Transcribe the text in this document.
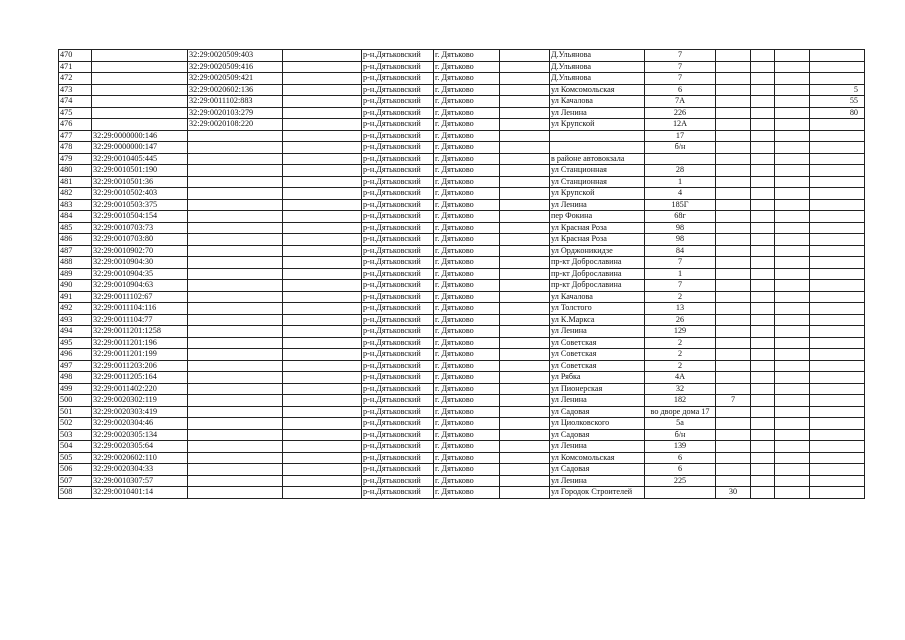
470		32:29:0020509:403		р-н.Дятьковский	г. Дятьково		Д.Ульянова	7				
471		32:29:0020509:416		р-н.Дятьковский	г. Дятьково		Д.Ульянова	7				
472		32:29:0020509:421		р-н.Дятьковский	г. Дятьково		Д.Ульянова	7				
473		32:29:0020602:136		р-н.Дятьковский	г. Дятьково		ул Комсомольская	6				5
474		32:29:0011102:883		р-н.Дятьковский	г. Дятьково		ул Качалова	7А				55
475		32:29:0020103:279		р-н.Дятьковский	г. Дятьково		ул Ленина	226				80
476		32:29:0020108:220		р-н.Дятьковский	г. Дятьково		ул Крупской	12А				
477	32:29:0000000:146			р-н.Дятьковский	г. Дятьково			17				
478	32:29:0000000:147			р-н.Дятьковский	г. Дятьково			б/н				
479	32:29:0010405:445			р-н.Дятьковский	г. Дятьково		в районе автовокзала					
480	32:29:0010501:190			р-н.Дятьковский	г. Дятьково		ул Станционная	28				
481	32:29:0010501:36			р-н.Дятьковский	г. Дятьково		ул Станционная	1				
482	32:29:0010502:403			р-н.Дятьковский	г. Дятьково		ул Крупской	4				
483	32:29:0010503:375			р-н.Дятьковский	г. Дятьково		ул Ленина	185Г				
484	32:29:0010504:154			р-н.Дятьковский	г. Дятьково		пер Фокина	68г				
485	32:29:0010703:73			р-н.Дятьковский	г. Дятьково		ул Красная Роза	98				
486	32:29:0010703:80			р-н.Дятьковский	г. Дятьково		ул Красная Роза	98				
487	32:29:0010902:70			р-н.Дятьковский	г. Дятьково		ул Орджоникидзе	84				
488	32:29:0010904:30			р-н.Дятьковский	г. Дятьково		пр-кт Доброславина	7				
489	32:29:0010904:35			р-н.Дятьковский	г. Дятьково		пр-кт Доброславина	1				
490	32:29:0010904:63			р-н.Дятьковский	г. Дятьково		пр-кт Доброславина	7				
491	32:29:0011102:67			р-н.Дятьковский	г. Дятьково		ул Качалова	2				
492	32:29:0011104:116			р-н.Дятьковский	г. Дятьково		ул Толстого	13				
493	32:29:0011104:77			р-н.Дятьковский	г. Дятьково		ул К.Маркса	26				
494	32:29:0011201:1258			р-н.Дятьковский	г. Дятьково		ул Ленина	129				
495	32:29:0011201:196			р-н.Дятьковский	г. Дятьково		ул Советская	2				
496	32:29:0011201:199			р-н.Дятьковский	г. Дятьково		ул Советская	2				
497	32:29:0011203:206			р-н.Дятьковский	г. Дятьково		ул Советская	2				
498	32:29:0011205:164			р-н.Дятьковский	г. Дятьково		ул Рябка	4А				
499	32:29:0011402:220			р-н.Дятьковский	г. Дятьково		ул Пионерская	32				
500	32:29:0020302:119			р-н.Дятьковский	г. Дятьково		ул Ленина	182	7			
501	32:29:0020303:419			р-н.Дятьковский	г. Дятьково		ул Садовая	во дворе дома 17				
502	32:29:0020304:46			р-н.Дятьковский	г. Дятьково		ул Циолковского	5а				
503	32:29:0020305:134			р-н.Дятьковский	г. Дятьково		ул Садовая	б/н				
504	32:29:0020305:64			р-н.Дятьковский	г. Дятьково		ул Ленина	139				
505	32:29:0020602:110			р-н.Дятьковский	г. Дятьково		ул Комсомольская	6				
506	32:29:0020304:33			р-н.Дятьковский	г. Дятьково		ул Садовая	6				
507	32:29:0010307:57			р-н.Дятьковский	г. Дятьково		ул Ленина	225				
508	32:29:0010401:14			р-н.Дятьковский	г. Дятьково		ул Городок Строителей		30			
